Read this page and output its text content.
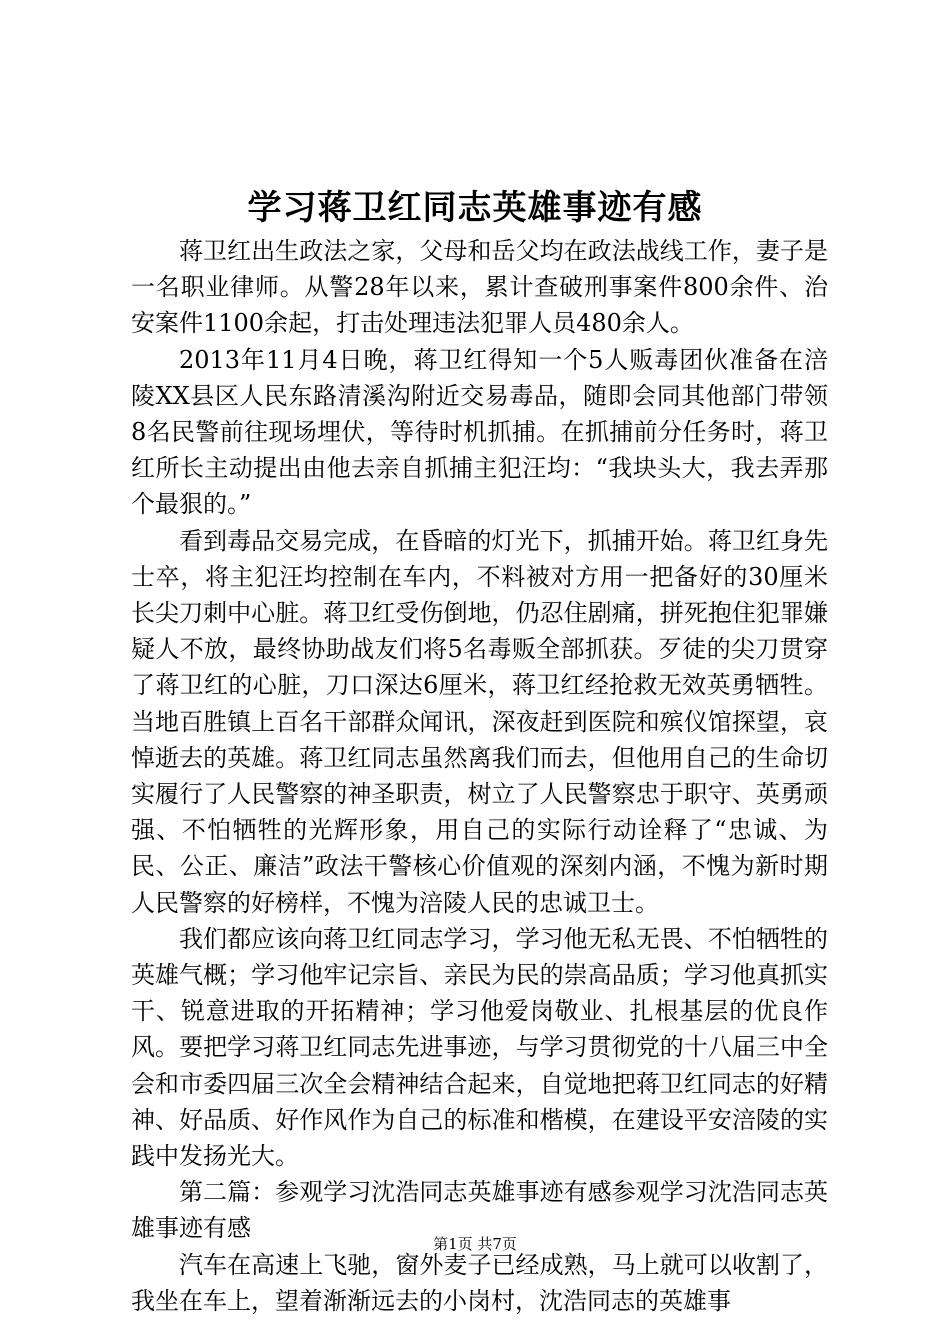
学习蒋卫红同志英雄事迹有感

蒋卫红出生政法之家，父母和岳父均在政法战线工作，妻子是一名职业律师。从警28年以来，累计查破刑事案件800余件、治安案件1100余起，打击处理违法犯罪人员480余人。

2013年11月4日晚，蒋卫红得知一个5人贩毒团伙准备在涪陵XX县区人民东路清溪沟附近交易毒品，随即会同其他部门带领8名民警前往现场埋伏，等待时机抓捕。在抓捕前分任务时，蒋卫红所长主动提出由他去亲自抓捕主犯汪均：“我块头大，我去弄那个最狠的。”

看到毒品交易完成，在昏暗的灯光下，抓捕开始。蒋卫红身先士卒，将主犯汪均控制在车内，不料被对方用一把备好的30厘米长尖刀刺中心脏。蒋卫红受伤倒地，仍忍住剧痛，拼死抱住犯罪嫌疑人不放，最终协助战友们将5名毒贩全部抓获。歹徒的尖刀贯穿了蒋卫红的心脏，刀口深达6厘米，蒋卫红经抢救无效英勇牺牲。当地百胜镇上百名干部群众闻讯，深夜赶到医院和殡仪馆探望，哀悼逝去的英雄。蒋卫红同志虽然离我们而去，但他用自己的生命切实履行了人民警察的神圣职责，树立了人民警察忠于职守、英勇顽强、不怕牺牲的光辉形象，用自己的实际行动诠释了“忠诚、为民、公正、廉洁”政法干警核心价值观的深刻内涵，不愧为新时期人民警察的好榜样，不愧为涪陵人民的忠诚卫士。

我们都应该向蒋卫红同志学习，学习他无私无畏、不怕牺牲的英雄气概；学习他牢记宗旨、亲民为民的崇高品质；学习他真抓实干、锐意进取的开拓精神；学习他爱岗敬业、扎根基层的优良作风。要把学习蒋卫红同志先进事迹，与学习贯彻党的十八届三中全会和市委四届三次全会精神结合起来，自觉地把蒋卫红同志的好精神、好品质、好作风作为自己的标准和楷模，在建设平安涪陵的实践中发扬光大。

第二篇：参观学习沈浩同志英雄事迹有感参观学习沈浩同志英雄事迹有感

汽车在高速上飞驰，窗外麦子已经成熟，马上就可以收割了，我坐在车上，望着渐渐远去的小岗村，沈浩同志的英雄事

第1页 共7页
